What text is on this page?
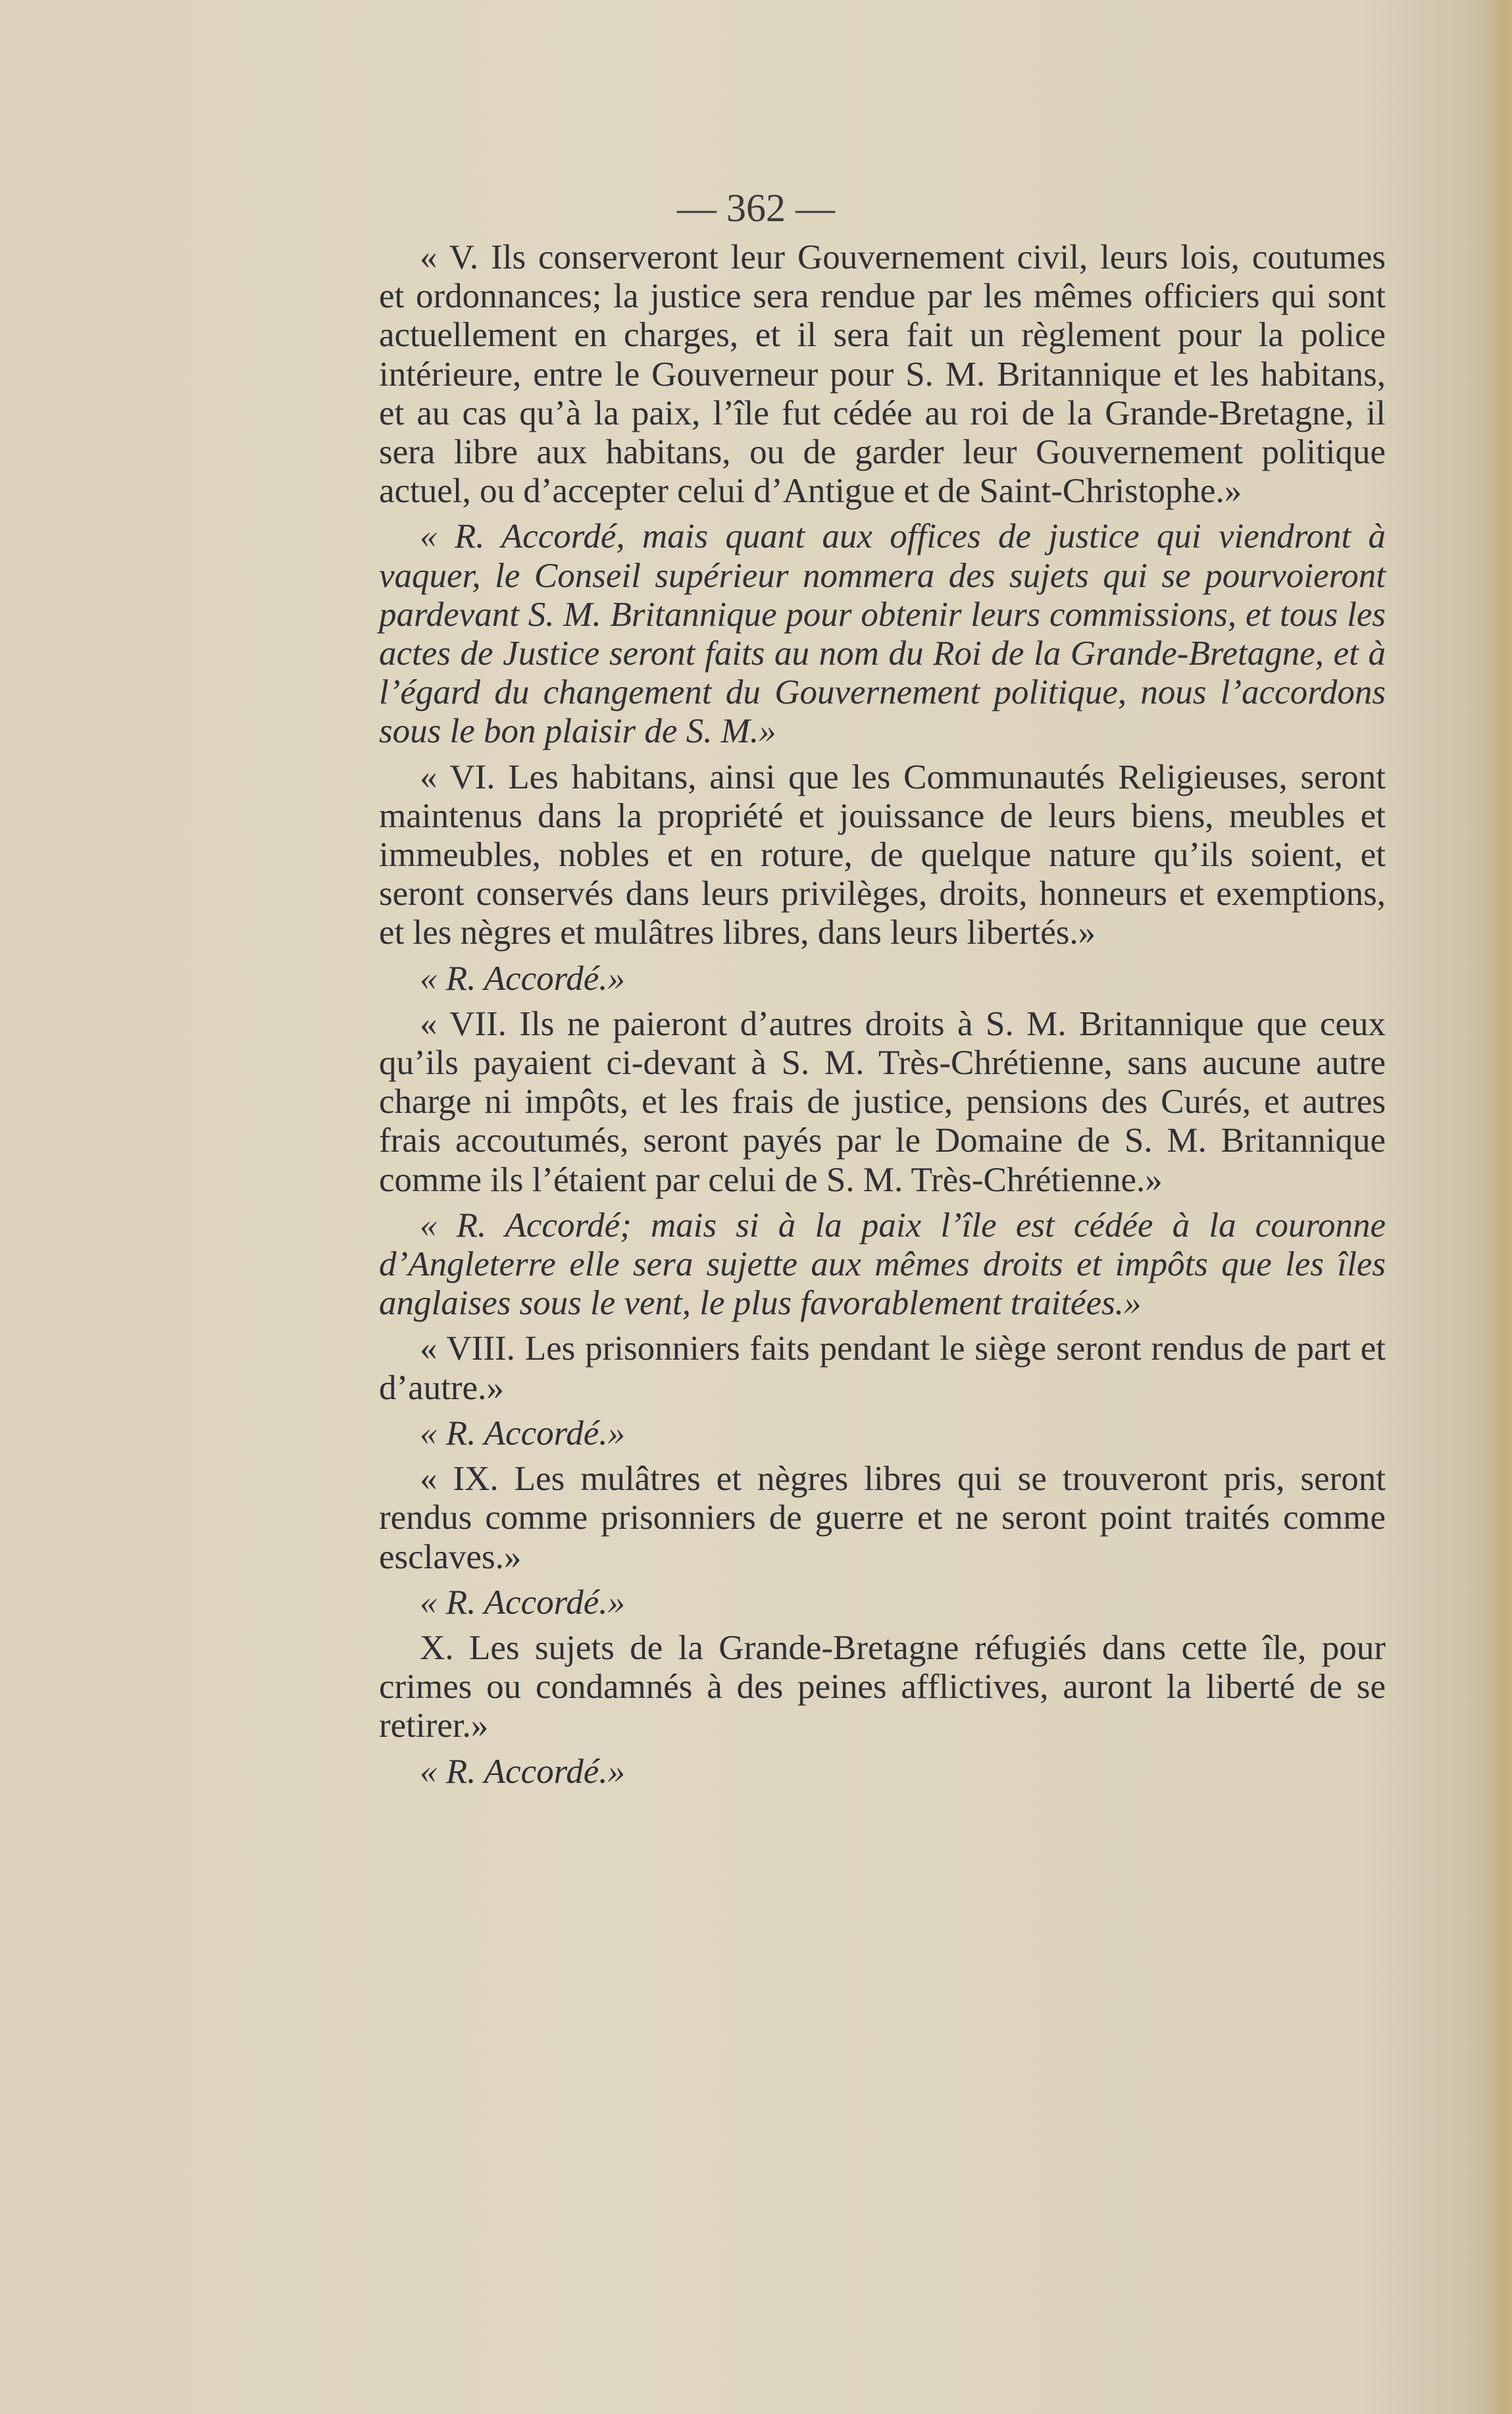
— 362 —

« V. Ils conserveront leur Gouvernement civil, leurs lois, coutumes et ordonnances; la justice sera rendue par les mêmes officiers qui sont actuellement en charges, et il sera fait un règlement pour la police intérieure, entre le Gouverneur pour S. M. Britannique et les habitans, et au cas qu’à la paix, l’île fut cédée au roi de la Grande-Bretagne, il sera libre aux habitans, ou de garder leur Gouvernement politique actuel, ou d’accepter celui d’Antigue et de Saint-Christophe.»

« R. Accordé, mais quant aux offices de justice qui viendront à vaquer, le Conseil supérieur nommera des sujets qui se pourvoieront pardevant S. M. Britannique pour obtenir leurs commissions, et tous les actes de Justice seront faits au nom du Roi de la Grande-Bretagne, et à l’égard du changement du Gouvernement politique, nous l’accordons sous le bon plaisir de S. M.»

« VI. Les habitans, ainsi que les Communautés Religieuses, seront maintenus dans la propriété et jouissance de leurs biens, meubles et immeubles, nobles et en roture, de quelque nature qu’ils soient, et seront conservés dans leurs privilèges, droits, honneurs et exemptions, et les nègres et mulâtres libres, dans leurs libertés.»

« R. Accordé.»

« VII. Ils ne paieront d’autres droits à S. M. Britannique que ceux qu’ils payaient ci-devant à S. M. Très-Chrétienne, sans aucune autre charge ni impôts, et les frais de justice, pensions des Curés, et autres frais accoutumés, seront payés par le Domaine de S. M. Britannique comme ils l’étaient par celui de S. M. Très-Chrétienne.»

« R. Accordé; mais si à la paix l’île est cédée à la couronne d’Angleterre elle sera sujette aux mêmes droits et impôts que les îles anglaises sous le vent, le plus favorablement traitées.»

« VIII. Les prisonniers faits pendant le siège seront rendus de part et d’autre.»

« R. Accordé.»

« IX. Les mulâtres et nègres libres qui se trouveront pris, seront rendus comme prisonniers de guerre et ne seront point traités comme esclaves.»

« R. Accordé.»

X. Les sujets de la Grande-Bretagne réfugiés dans cette île, pour crimes ou condamnés à des peines afflictives, auront la liberté de se retirer.»

« R. Accordé.»
